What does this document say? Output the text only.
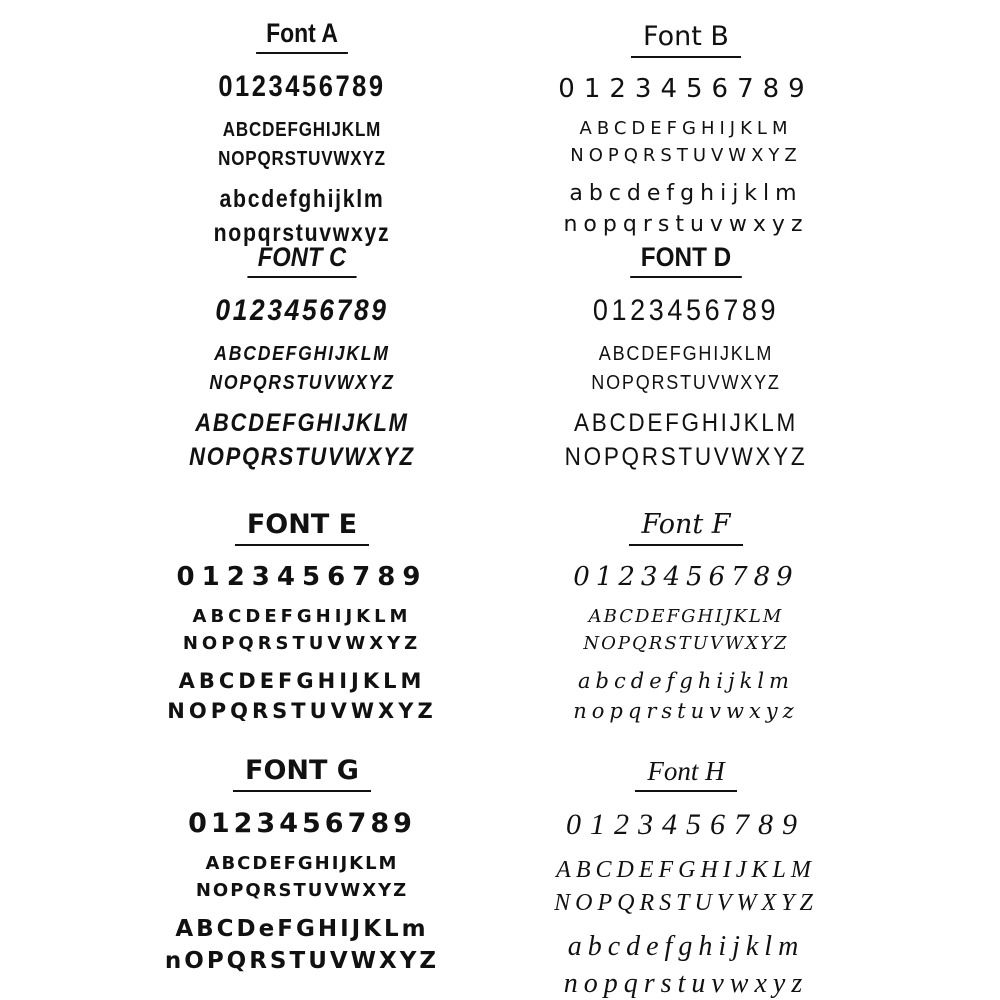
Font A
0123456789
ABCDEFGHIJKLM
NOPQRSTUVWXYZ
abcdefghijklm
nopqrstuvwxyz
Font B
0123456789
ABCDEFGHIJKLM
NOPQRSTUVWXYZ
abcdefghijklm
nopqrstuvwxyz
FONT C
0123456789
ABCDEFGHIJKLM
NOPQRSTUVWXYZ
ABCDEFGHIJKLM
NOPQRSTUVWXYZ
FONT D
0123456789
ABCDEFGHIJKLM
NOPQRSTUVWXYZ
ABCDEFGHIJKLM
NOPQRSTUVWXYZ
FONT E
0123456789
ABCDEFGHIJKLM
NOPQRSTUVWXYZ
ABCDEFGHIJKLM
NOPQRSTUVWXYZ
Font F
0123456789
ABCDEFGHIJKLM
NOPQRSTUVWXYZ
abcdefghijklm
nopqrstuvwxyz
FONT G
0123456789
ABCDEFGHIJKLM
NOPQRSTUVWXYZ
ABCDeFGHIJKLm
nOPQRSTUVWXYZ
Font H
0123456789
ABCDEFGHIJKLM
NOPQRSTUVWXYZ
abcdefghijklm
nopqrstuvwxyz
